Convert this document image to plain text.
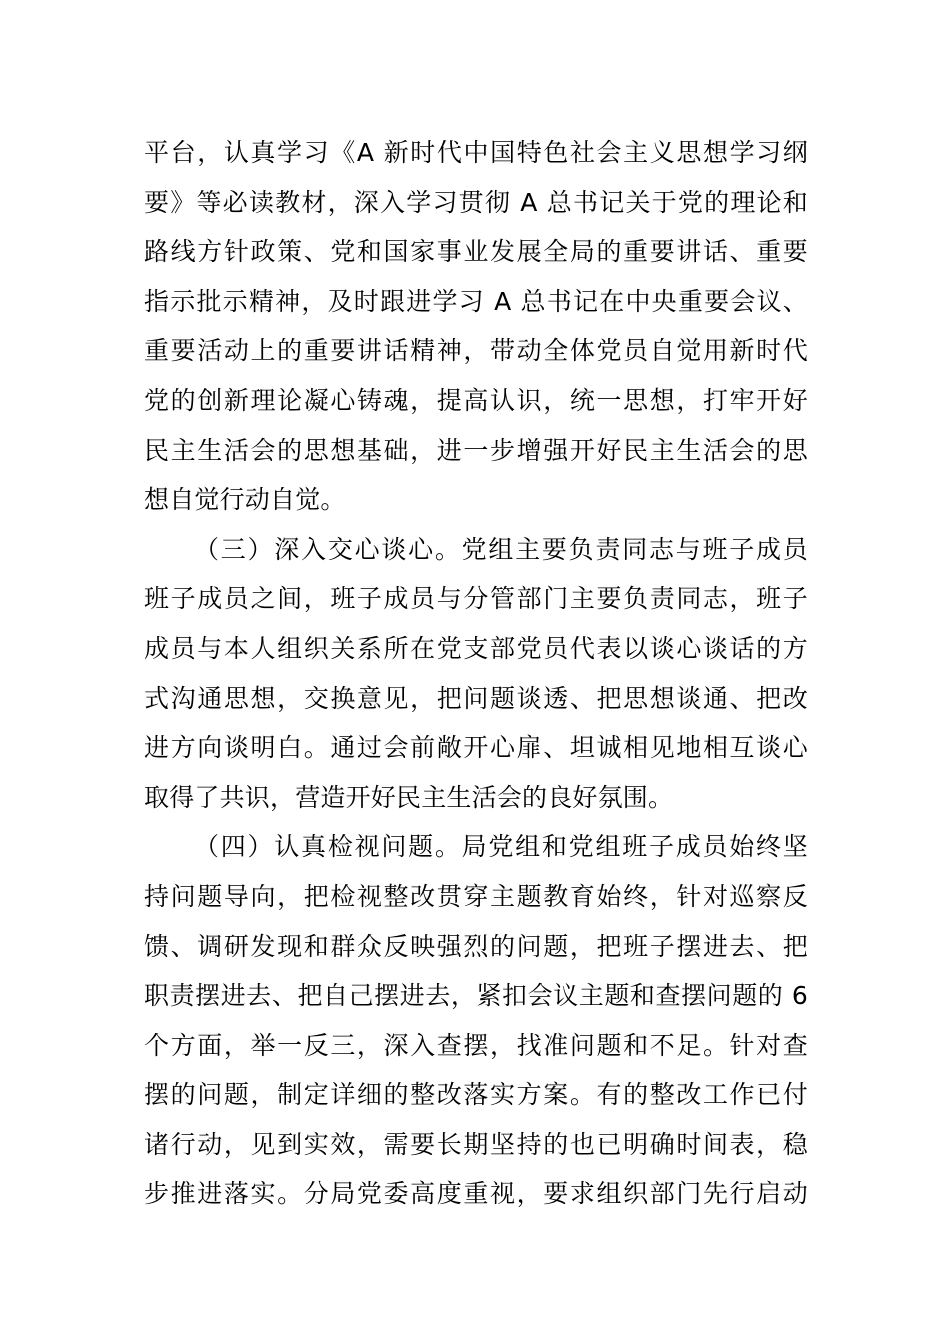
平台，认真学习《A 新时代中国特色社会主义思想学习纲
要》等必读教材，深入学习贯彻 A 总书记关于党的理论和
路线方针政策、党和国家事业发展全局的重要讲话、重要
指示批示精神，及时跟进学习 A 总书记在中央重要会议、
重要活动上的重要讲话精神，带动全体党员自觉用新时代
党的创新理论凝心铸魂，提高认识，统一思想，打牢开好
民主生活会的思想基础，进一步增强开好民主生活会的思
想自觉行动自觉。
（三）深入交心谈心。党组主要负责同志与班子成员
班子成员之间，班子成员与分管部门主要负责同志，班子
成员与本人组织关系所在党支部党员代表以谈心谈话的方
式沟通思想，交换意见，把问题谈透、把思想谈通、把改
进方向谈明白。通过会前敞开心扉、坦诚相见地相互谈心
取得了共识，营造开好民主生活会的良好氛围。
（四）认真检视问题。局党组和党组班子成员始终坚
持问题导向，把检视整改贯穿主题教育始终，针对巡察反
馈、调研发现和群众反映强烈的问题，把班子摆进去、把
职责摆进去、把自己摆进去，紧扣会议主题和查摆问题的 6
个方面，举一反三，深入查摆，找准问题和不足。针对查
摆的问题，制定详细的整改落实方案。有的整改工作已付
诸行动，见到实效，需要长期坚持的也已明确时间表，稳
步推进落实。分局党委高度重视，要求组织部门先行启动
